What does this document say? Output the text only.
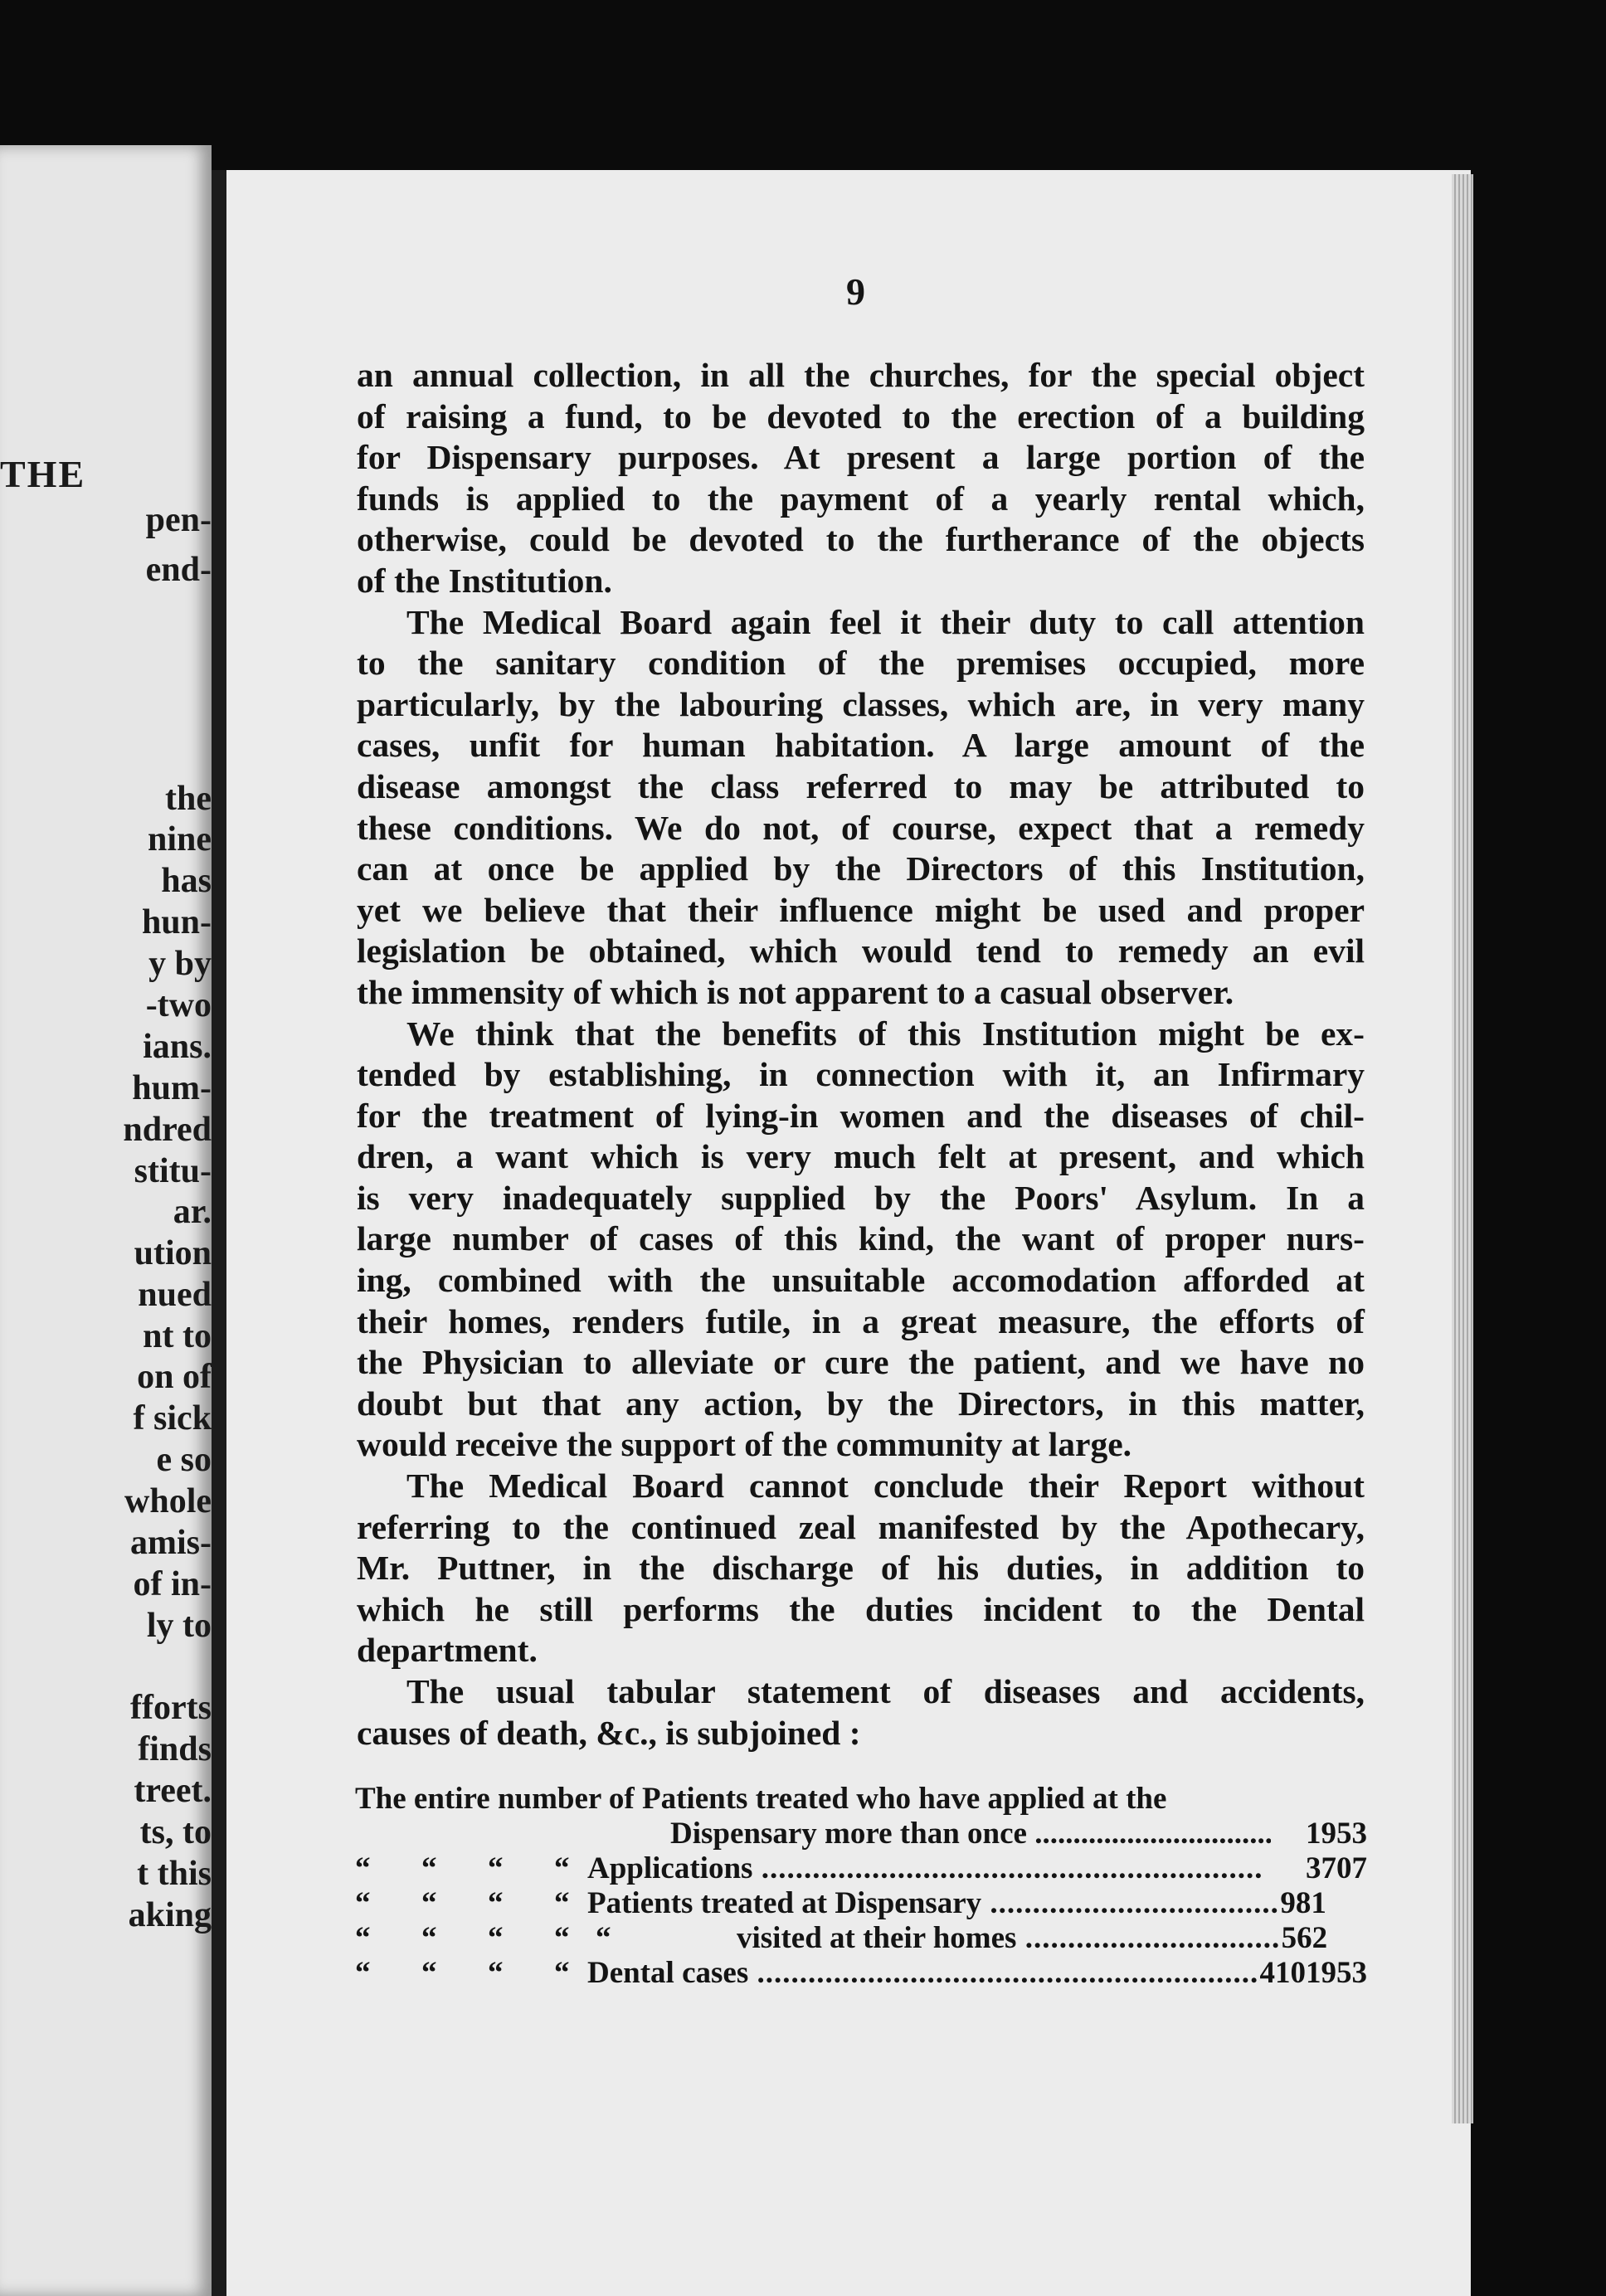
THE
pen-
end-
the
nine
has
hun-
y by
-two
ians.
hum-
ndred
stitu-
ar.
ution
nued
nt to
on of
f sick
e so
whole
amis-
of in-
ly to
fforts
finds
treet.
ts, to
t this
aking
9

an annual collection, in all the churches, for the special object
of raising a fund, to be devoted to the erection of a building
for Dispensary purposes. At present a large portion of the
funds is applied to the payment of a yearly rental which,
otherwise, could be devoted to the furtherance of the objects
of the Institution.

The Medical Board again feel it their duty to call attention
to the sanitary condition of the premises occupied, more
particularly, by the labouring classes, which are, in very many
cases, unfit for human habitation. A large amount of the
disease amongst the class referred to may be attributed to
these conditions. We do not, of course, expect that a remedy
can at once be applied by the Directors of this Institution,
yet we believe that their influence might be used and proper
legislation be obtained, which would tend to remedy an evil
the immensity of which is not apparent to a casual observer.

We think that the benefits of this Institution might be ex-
tended by establishing, in connection with it, an Infirmary
for the treatment of lying-in women and the diseases of chil-
dren, a want which is very much felt at present, and which
is very inadequately supplied by the Poors' Asylum. In a
large number of cases of this kind, the want of proper nurs-
ing, combined with the unsuitable accomodation afforded at
their homes, renders futile, in a great measure, the efforts of
the Physician to alleviate or cure the patient, and we have no
doubt but that any action, by the Directors, in this matter,
would receive the support of the community at large.

The Medical Board cannot conclude their Report without
referring to the continued zeal manifested by the Apothecary,
Mr. Puttner, in the discharge of his duties, in addition to
which he still performs the duties incident to the Dental
department.

The usual tabular statement of diseases and accidents,
causes of death, &c., is subjoined :

The entire number of Patients treated who have applied at the
Dispensary more than once .....	1953
“ “ “ “ Applications .....	3707
“ “ “ “ Patients treated at Dispensary .....	981
“ “ “ “ “	visited at their homes .....	562
“ “ “ “ Dental cases .....	410 1953
